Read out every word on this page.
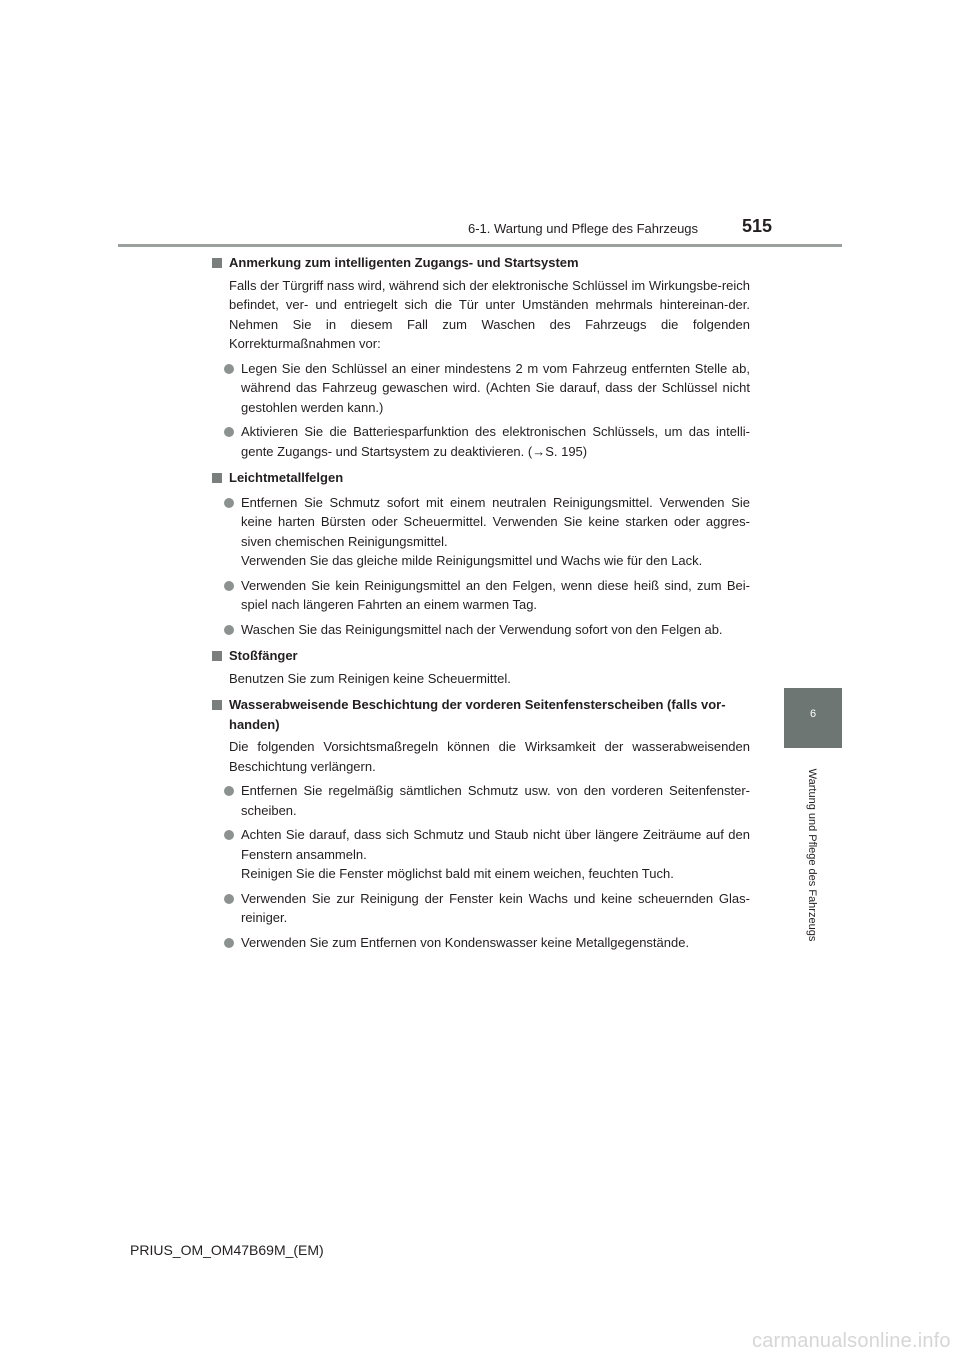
6-1. Wartung und Pflege des Fahrzeugs 515
6
Wartung und Pflege des Fahrzeugs
Anmerkung zum intelligenten Zugangs- und Startsystem
Falls der Türgriff nass wird, während sich der elektronische Schlüssel im Wirkungsbe-reich befindet, ver- und entriegelt sich die Tür unter Umständen mehrmals hintereinan-der. Nehmen Sie in diesem Fall zum Waschen des Fahrzeugs die folgenden Korrekturmaßnahmen vor:
Legen Sie den Schlüssel an einer mindestens 2 m vom Fahrzeug entfernten Stelle ab, während das Fahrzeug gewaschen wird. (Achten Sie darauf, dass der Schlüssel nicht gestohlen werden kann.)
Aktivieren Sie die Batteriesparfunktion des elektronischen Schlüssels, um das intelli-gente Zugangs- und Startsystem zu deaktivieren. (→S. 195)
Leichtmetallfelgen
Entfernen Sie Schmutz sofort mit einem neutralen Reinigungsmittel. Verwenden Sie keine harten Bürsten oder Scheuermittel. Verwenden Sie keine starken oder aggres-siven chemischen Reinigungsmittel.
Verwenden Sie das gleiche milde Reinigungsmittel und Wachs wie für den Lack.
Verwenden Sie kein Reinigungsmittel an den Felgen, wenn diese heiß sind, zum Bei-spiel nach längeren Fahrten an einem warmen Tag.
Waschen Sie das Reinigungsmittel nach der Verwendung sofort von den Felgen ab.
Stoßfänger
Benutzen Sie zum Reinigen keine Scheuermittel.
Wasserabweisende Beschichtung der vorderen Seitenfensterscheiben (falls vor-handen)
Die folgenden Vorsichtsmaßregeln können die Wirksamkeit der wasserabweisenden Beschichtung verlängern.
Entfernen Sie regelmäßig sämtlichen Schmutz usw. von den vorderen Seitenfenster-scheiben.
Achten Sie darauf, dass sich Schmutz und Staub nicht über längere Zeiträume auf den Fenstern ansammeln.
Reinigen Sie die Fenster möglichst bald mit einem weichen, feuchten Tuch.
Verwenden Sie zur Reinigung der Fenster kein Wachs und keine scheuernden Glas-reiniger.
Verwenden Sie zum Entfernen von Kondenswasser keine Metallgegenstände.
PRIUS_OM_OM47B69M_(EM)
carmanualsonline.info
